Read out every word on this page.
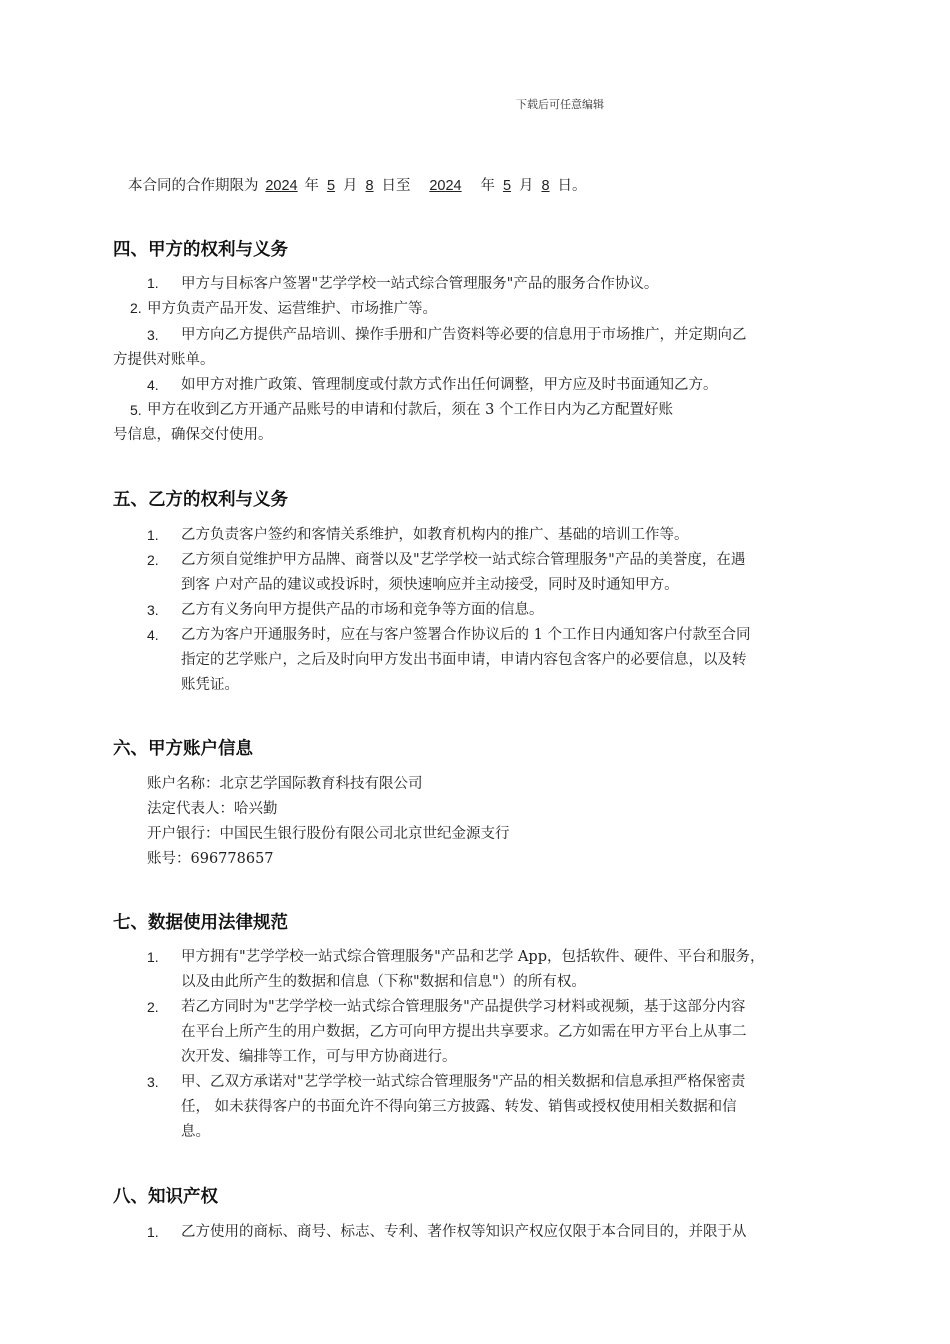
下载后可任意编辑
本合同的合作期限为 2024 年 5 月 8 日至 2024 年 5 月 8 日。
四、甲方的权利与义务
1. 甲方与目标客户签署"艺学学校一站式综合管理服务"产品的服务合作协议。
2. 甲方负责产品开发、运营维护、市场推广等。
3. 甲方向乙方提供产品培训、操作手册和广告资料等必要的信息用于市场推广，并定期向乙
方提供对账单。
4. 如甲方对推广政策、管理制度或付款方式作出任何调整，甲方应及时书面通知乙方。
5. 甲方在收到乙方开通产品账号的申请和付款后，须在 3 个工作日内为乙方配置好账
号信息，确保交付使用。
五、乙方的权利与义务
1. 乙方负责客户签约和客情关系维护，如教育机构内的推广、基础的培训工作等。
2. 乙方须自觉维护甲方品牌、商誉以及"艺学学校一站式综合管理服务"产品的美誉度，在遇
到客 户对产品的建议或投诉时，须快速响应并主动接受，同时及时通知甲方。
3. 乙方有义务向甲方提供产品的市场和竞争等方面的信息。
4. 乙方为客户开通服务时，应在与客户签署合作协议后的 1 个工作日内通知客户付款至合同
指定的艺学账户，之后及时向甲方发出书面申请，申请内容包含客户的必要信息，以及转
账凭证。
六、甲方账户信息
账户名称：北京艺学国际教育科技有限公司
法定代表人：哈兴勤
开户银行：中国民生银行股份有限公司北京世纪金源支行
账号：696778657
七、数据使用法律规范
1. 甲方拥有"艺学学校一站式综合管理服务"产品和艺学 App，包括软件、硬件、平台和服务，
以及由此所产生的数据和信息（下称"数据和信息"）的所有权。
2. 若乙方同时为"艺学学校一站式综合管理服务"产品提供学习材料或视频，基于这部分内容
在平台上所产生的用户数据，乙方可向甲方提出共享要求。乙方如需在甲方平台上从事二
次开发、编排等工作，可与甲方协商进行。
3. 甲、乙双方承诺对"艺学学校一站式综合管理服务"产品的相关数据和信息承担严格保密责
任， 如未获得客户的书面允许不得向第三方披露、转发、销售或授权使用相关数据和信
息。
八、知识产权
1. 乙方使用的商标、商号、标志、专利、著作权等知识产权应仅限于本合同目的，并限于从
